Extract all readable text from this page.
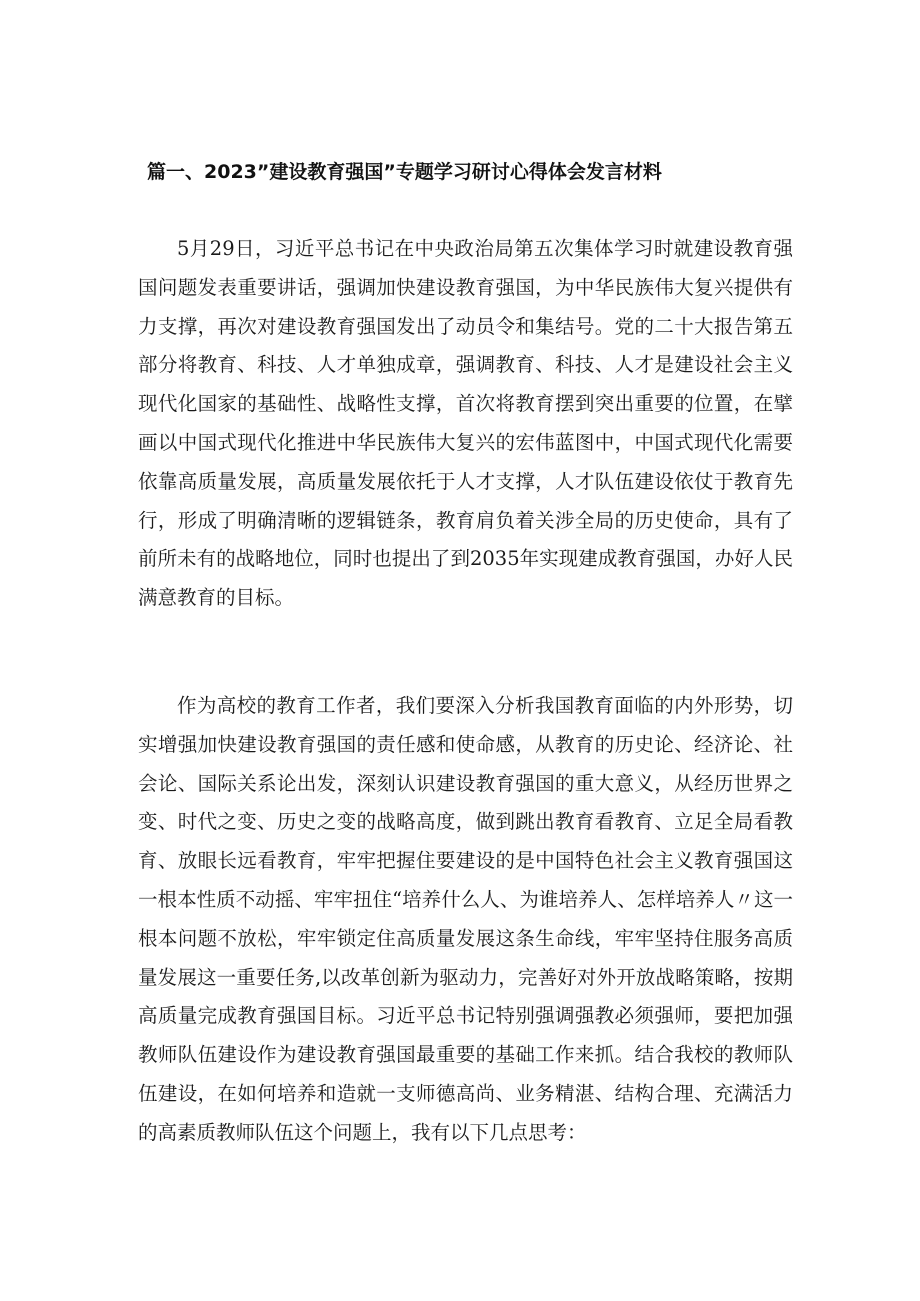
篇一、2023”建设教育强国”专题学习研讨心得体会发言材料

5月29日，习近平总书记在中央政治局第五次集体学习时就建设教育强国问题发表重要讲话，强调加快建设教育强国，为中华民族伟大复兴提供有力支撑，再次对建设教育强国发出了动员令和集结号。党的二十大报告第五部分将教育、科技、人才单独成章，强调教育、科技、人才是建设社会主义现代化国家的基础性、战略性支撑，首次将教育摆到突出重要的位置，在擘画以中国式现代化推进中华民族伟大复兴的宏伟蓝图中，中国式现代化需要依靠高质量发展，高质量发展依托于人才支撑，人才队伍建设依仗于教育先行，形成了明确清晰的逻辑链条，教育肩负着关涉全局的历史使命，具有了前所未有的战略地位，同时也提出了到2035年实现建成教育强国，办好人民满意教育的目标。

作为高校的教育工作者，我们要深入分析我国教育面临的内外形势，切实增强加快建设教育强国的责任感和使命感，从教育的历史论、经济论、社会论、国际关系论出发，深刻认识建设教育强国的重大意义，从经历世界之变、时代之变、历史之变的战略高度，做到跳出教育看教育、立足全局看教育、放眼长远看教育，牢牢把握住要建设的是中国特色社会主义教育强国这一根本性质不动摇、牢牢扭住“培养什么人、为谁培养人、怎样培养人〃这一根本问题不放松，牢牢锁定住高质量发展这条生命线，牢牢坚持住服务高质量发展这一重要任务,以改革创新为驱动力，完善好对外开放战略策略，按期高质量完成教育强国目标。习近平总书记特别强调强教必须强师，要把加强教师队伍建设作为建设教育强国最重要的基础工作来抓。结合我校的教师队伍建设，在如何培养和造就一支师德高尚、业务精湛、结构合理、充满活力的高素质教师队伍这个问题上，我有以下几点思考：
